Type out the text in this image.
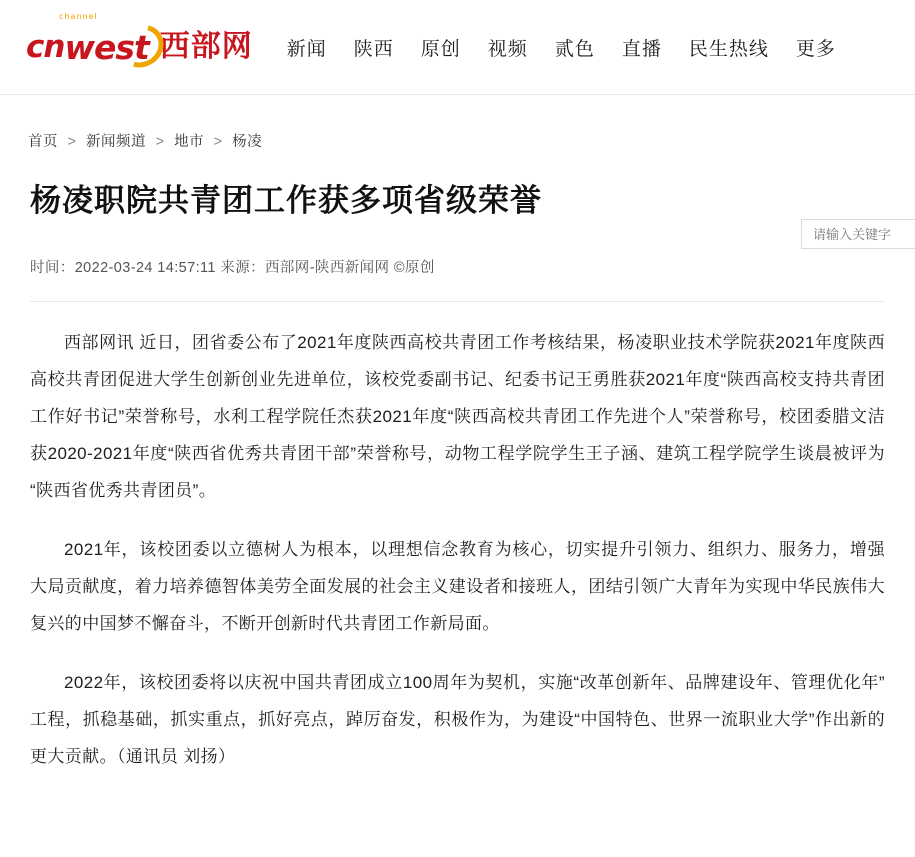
channel
cn west 西部网 新闻 陕西 原创 视频 贰色 直播 民生热线 更多
首页 > 新闻频道 > 地市 > 杨凌
请输入关键字
杨凌职院共青团工作获多项省级荣誉
时间：2022-03-24 14:57:11 来源：西部网-陕西新闻网 ©原创

西部网讯 近日，团省委公布了2021年度陕西高校共青团工作考核结果，杨凌职业技术学院获2021年度陕西高校共青团促进大学生创新创业先进单位，该校党委副书记、纪委书记王勇胜获2021年度“陕西高校支持共青团工作好书记”荣誉称号，水利工程学院任杰获2021年度“陕西高校共青团工作先进个人”荣誉称号，校团委腊文洁获2020-2021年度“陕西省优秀共青团干部”荣誉称号，动物工程学院学生王子涵、建筑工程学院学生谈晨被评为“陕西省优秀共青团员”。

2021年，该校团委以立德树人为根本，以理想信念教育为核心，切实提升引领力、组织力、服务力，增强大局贡献度，着力培养德智体美劳全面发展的社会主义建设者和接班人，团结引领广大青年为实现中华民族伟大复兴的中国梦不懈奋斗，不断开创新时代共青团工作新局面。

2022年，该校团委将以庆祝中国共青团成立100周年为契机，实施“改革创新年、品牌建设年、管理优化年”工程，抓稳基础，抓实重点，抓好亮点，踔厉奋发，积极作为，为建设“中国特色、世界一流职业大学”作出新的更大贡献。（通讯员 刘扬）
